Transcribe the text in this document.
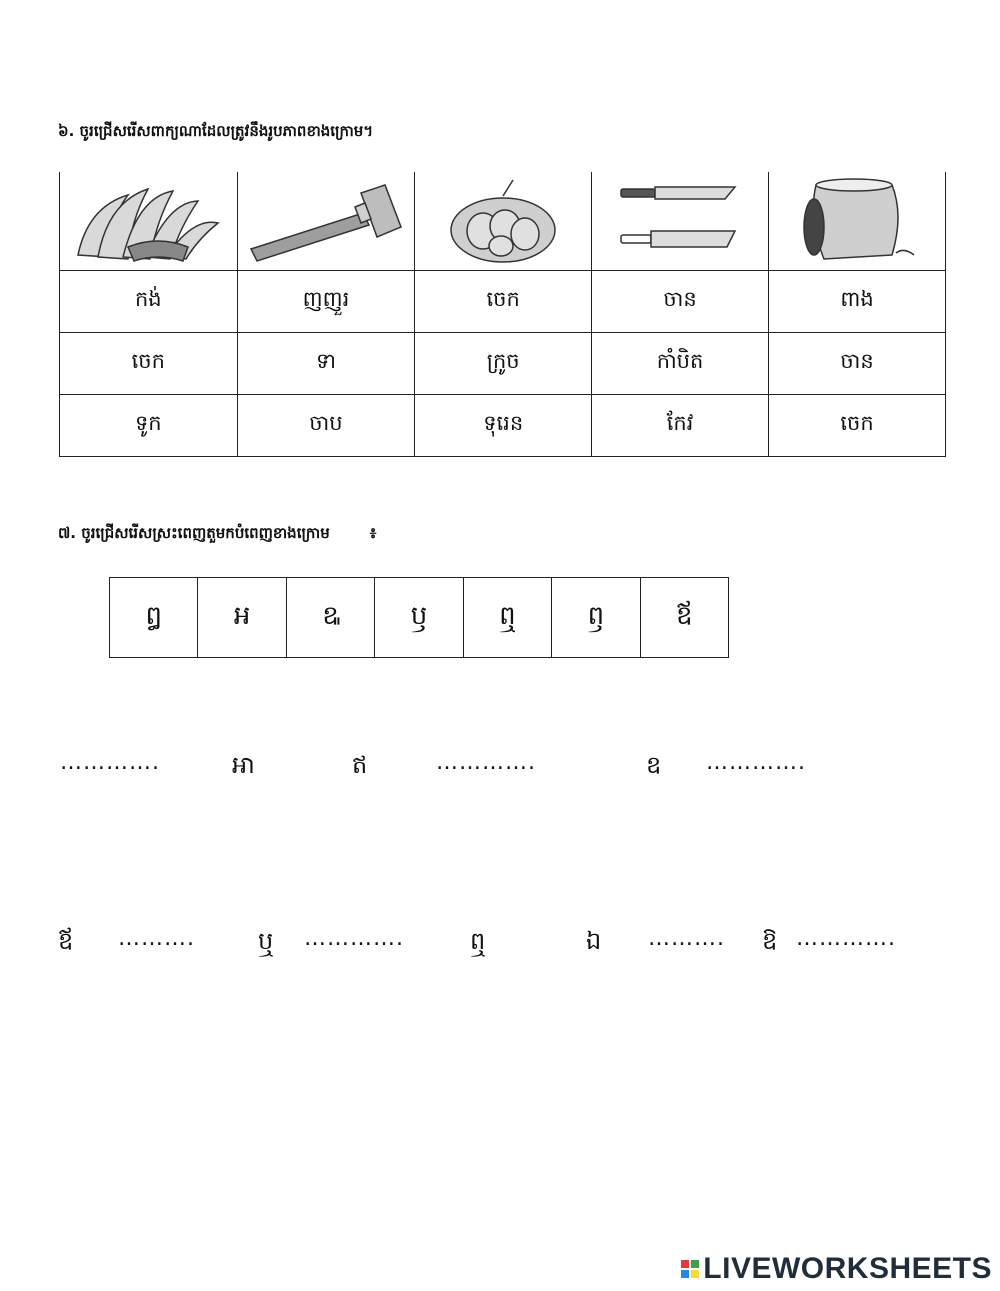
៦. ចូរជ្រើសរើសពាក្យណាដែលត្រូវនឹងរូបភាពខាងក្រោម។

កង់	ញញួរ	ចេក	ចាន	ពាង
ចេក	ទា	ក្រូច	កាំបិត	ចាន
ទូក	ចាប	ទុរេន	កែវ	ចេក
៧. ចូរជ្រើសរើសស្រះពេញតួមកបំពេញខាងក្រោម	៖
ឰ	អ	ឩ	ឫ	ឮ	ឭ	ឪ
………….	អា	ឥ	………….	ឧ ………….
ឪ ……….	ឬ ………….	ឮ	ឯ ………. ឱ ………….
LIVEWORKSHEETS
